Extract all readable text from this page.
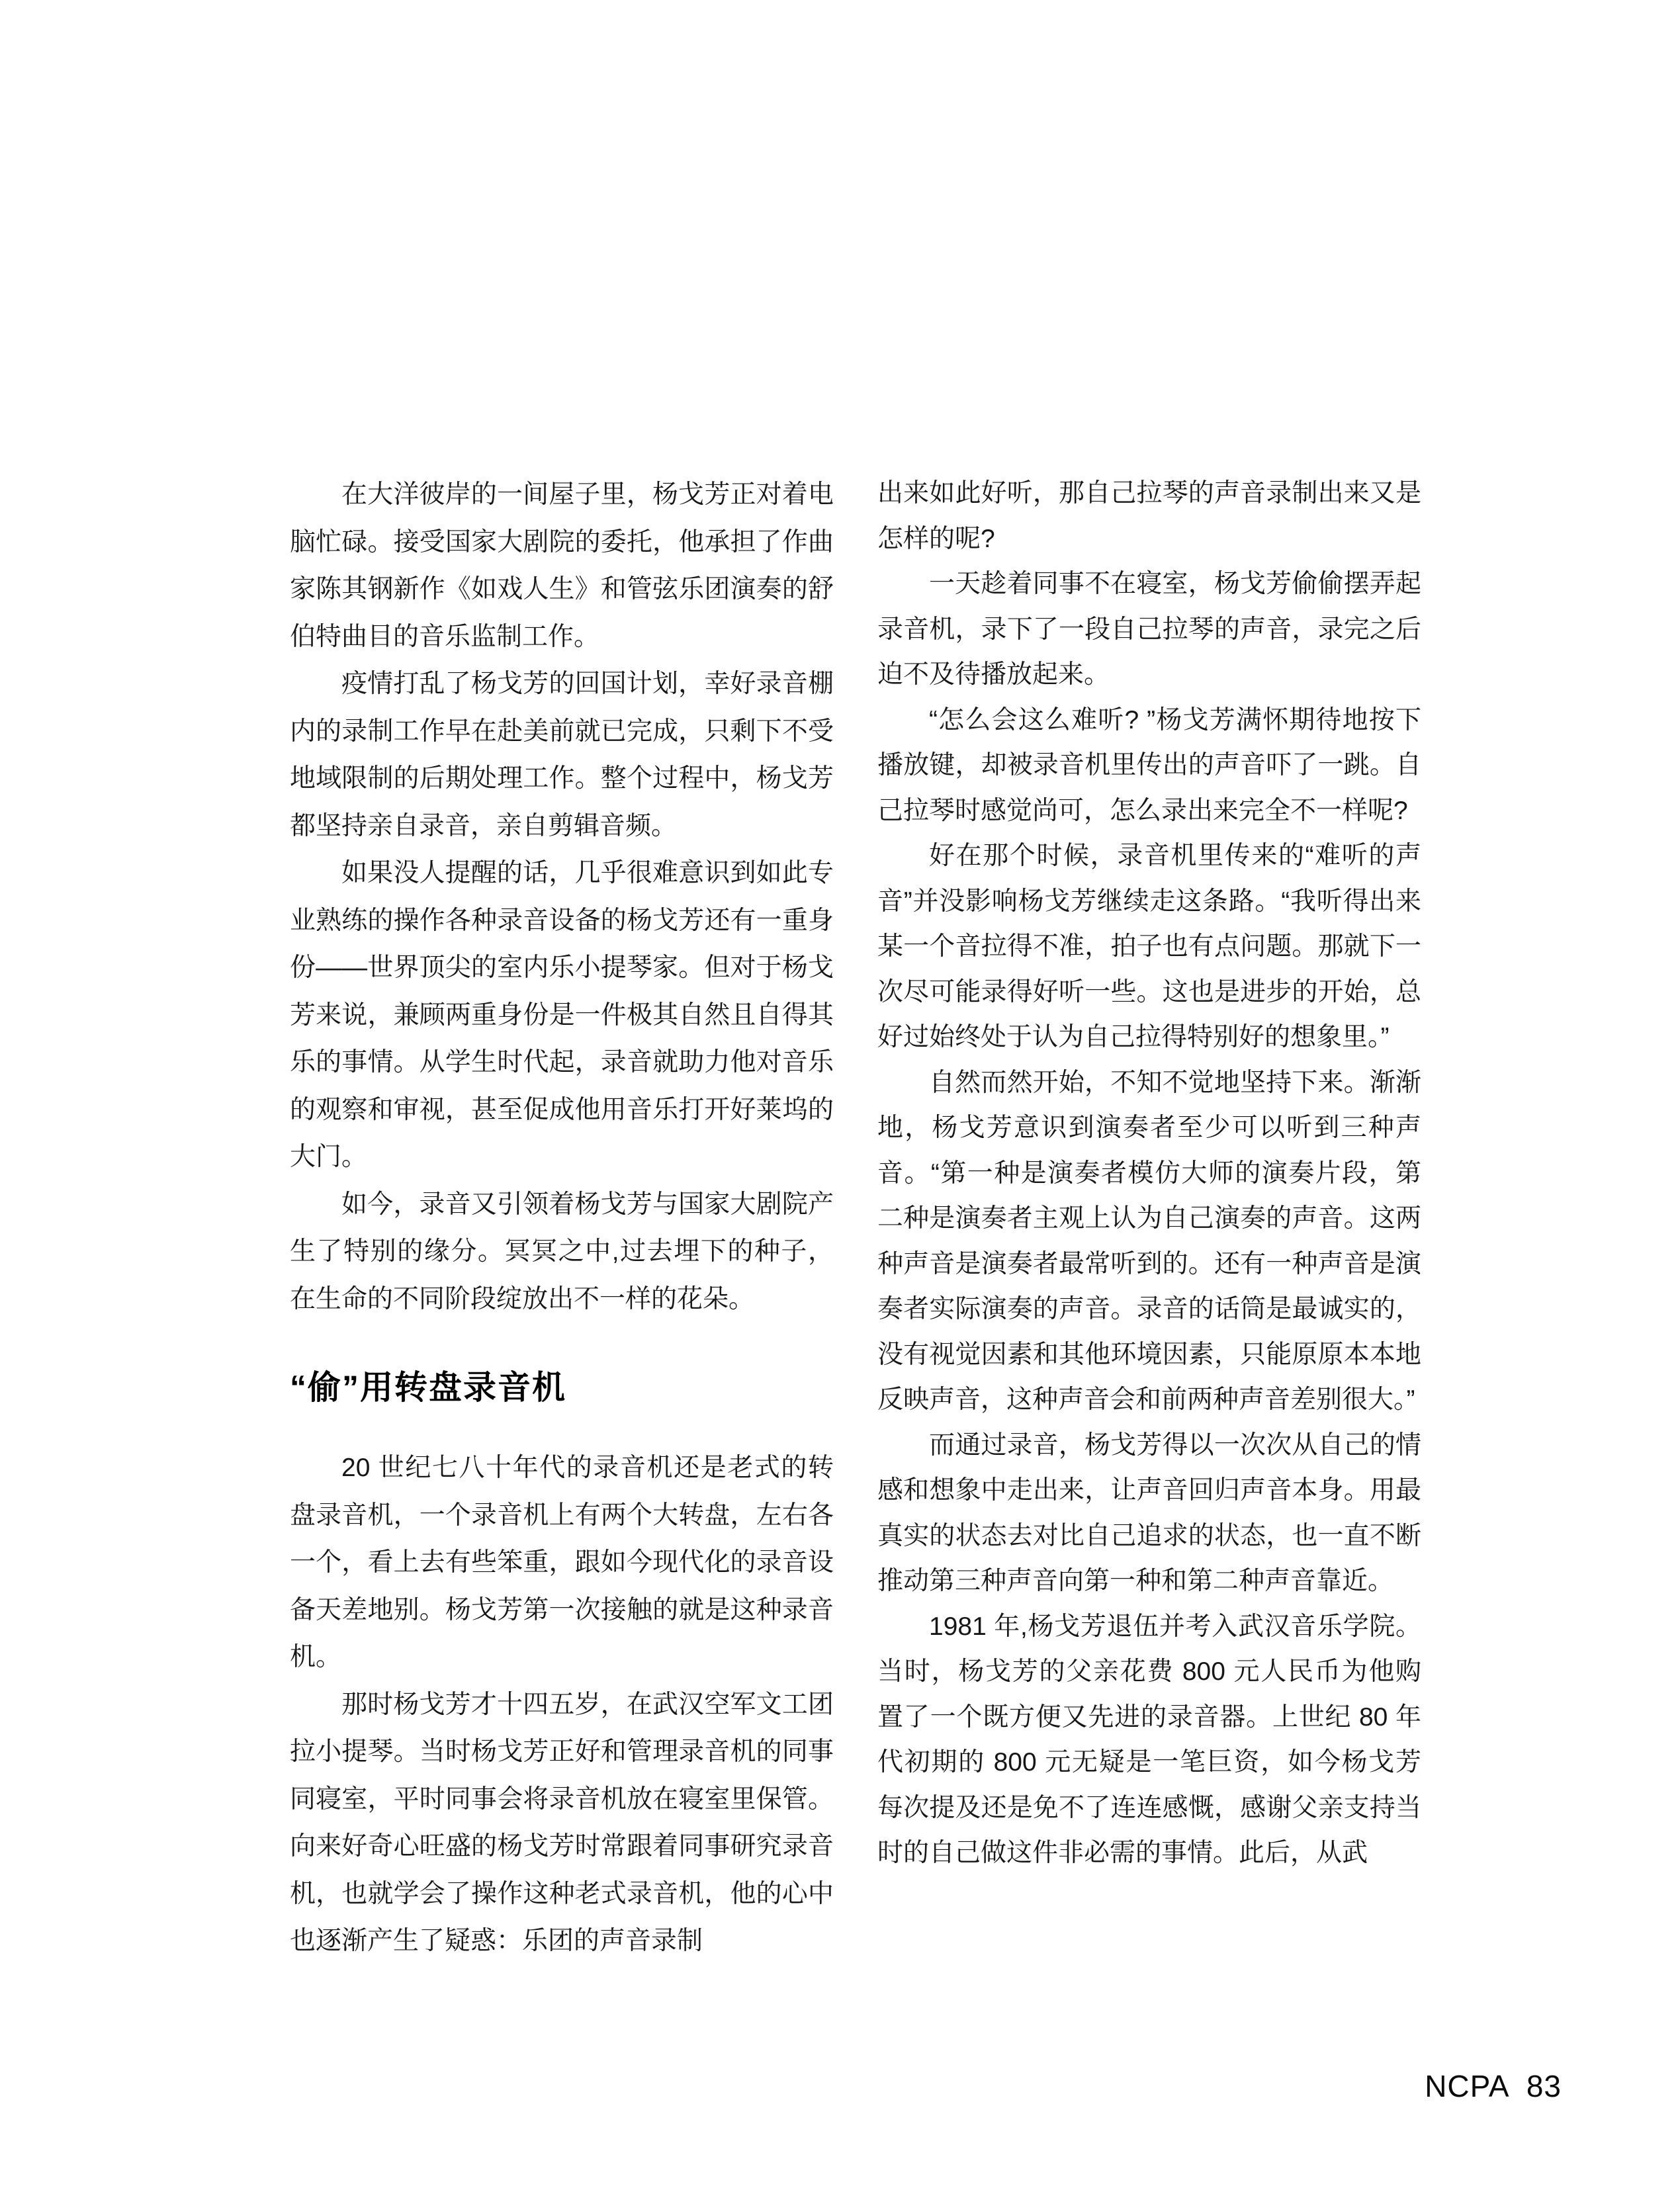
在大洋彼岸的一间屋子里，杨戈芳正对着电脑忙碌。接受国家大剧院的委托，他承担了作曲家陈其钢新作《如戏人生》和管弦乐团演奏的舒伯特曲目的音乐监制工作。

疫情打乱了杨戈芳的回国计划，幸好录音棚内的录制工作早在赴美前就已完成，只剩下不受地域限制的后期处理工作。整个过程中，杨戈芳都坚持亲自录音，亲自剪辑音频。

如果没人提醒的话，几乎很难意识到如此专业熟练的操作各种录音设备的杨戈芳还有一重身份——世界顶尖的室内乐小提琴家。但对于杨戈芳来说，兼顾两重身份是一件极其自然且自得其乐的事情。从学生时代起，录音就助力他对音乐的观察和审视，甚至促成他用音乐打开好莱坞的大门。

如今，录音又引领着杨戈芳与国家大剧院产生了特别的缘分。冥冥之中,过去埋下的种子，在生命的不同阶段绽放出不一样的花朵。

“偷”用转盘录音机

20 世纪七八十年代的录音机还是老式的转盘录音机，一个录音机上有两个大转盘，左右各一个，看上去有些笨重，跟如今现代化的录音设备天差地别。杨戈芳第一次接触的就是这种录音机。

那时杨戈芳才十四五岁，在武汉空军文工团拉小提琴。当时杨戈芳正好和管理录音机的同事同寝室，平时同事会将录音机放在寝室里保管。向来好奇心旺盛的杨戈芳时常跟着同事研究录音机，也就学会了操作这种老式录音机，他的心中也逐渐产生了疑惑：乐团的声音录制

出来如此好听，那自己拉琴的声音录制出来又是怎样的呢?

一天趁着同事不在寝室，杨戈芳偷偷摆弄起录音机，录下了一段自己拉琴的声音，录完之后迫不及待播放起来。

“怎么会这么难听? ”杨戈芳满怀期待地按下播放键，却被录音机里传出的声音吓了一跳。自己拉琴时感觉尚可，怎么录出来完全不一样呢?

好在那个时候，录音机里传来的“难听的声音”并没影响杨戈芳继续走这条路。“我听得出来某一个音拉得不准，拍子也有点问题。那就下一次尽可能录得好听一些。这也是进步的开始，总好过始终处于认为自己拉得特别好的想象里。”

自然而然开始，不知不觉地坚持下来。渐渐地，杨戈芳意识到演奏者至少可以听到三种声音。“第一种是演奏者模仿大师的演奏片段，第二种是演奏者主观上认为自己演奏的声音。这两种声音是演奏者最常听到的。还有一种声音是演奏者实际演奏的声音。录音的话筒是最诚实的，没有视觉因素和其他环境因素，只能原原本本地反映声音，这种声音会和前两种声音差别很大。”

而通过录音，杨戈芳得以一次次从自己的情感和想象中走出来，让声音回归声音本身。用最真实的状态去对比自己追求的状态，也一直不断推动第三种声音向第一种和第二种声音靠近。

1981 年,杨戈芳退伍并考入武汉音乐学院。当时，杨戈芳的父亲花费 800 元人民币为他购置了一个既方便又先进的录音器。上世纪 80 年代初期的 800 元无疑是一笔巨资，如今杨戈芳每次提及还是免不了连连感慨，感谢父亲支持当时的自己做这件非必需的事情。此后，从武

NCPA 83
